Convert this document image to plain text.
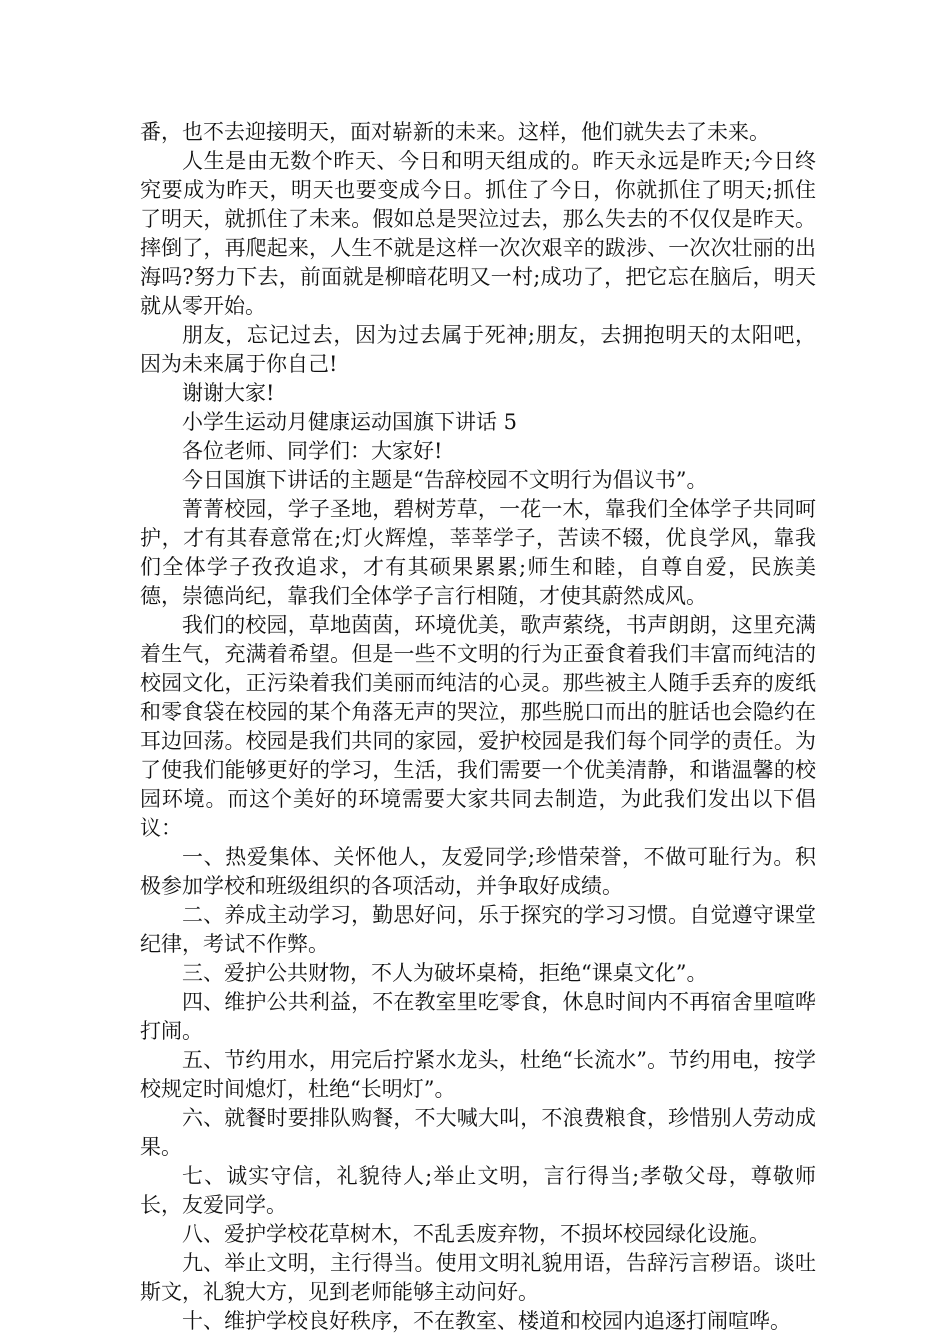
番，也不去迎接明天，面对崭新的未来。这样，他们就失去了未来。

人生是由无数个昨天、今日和明天组成的。昨天永远是昨天;今日终究要成为昨天，明天也要变成今日。抓住了今日，你就抓住了明天;抓住了明天，就抓住了未来。假如总是哭泣过去，那么失去的不仅仅是昨天。摔倒了，再爬起来，人生不就是这样一次次艰辛的跋涉、一次次壮丽的出海吗?努力下去，前面就是柳暗花明又一村;成功了，把它忘在脑后，明天就从零开始。

朋友，忘记过去，因为过去属于死神;朋友，去拥抱明天的太阳吧，因为未来属于你自己!

谢谢大家!

小学生运动月健康运动国旗下讲话 5

各位老师、同学们：大家好!

今日国旗下讲话的主题是“告辞校园不文明行为倡议书”。

菁菁校园，学子圣地，碧树芳草，一花一木，靠我们全体学子共同呵护，才有其春意常在;灯火辉煌，莘莘学子，苦读不辍，优良学风，靠我们全体学子孜孜追求，才有其硕果累累;师生和睦，自尊自爱，民族美德，崇德尚纪，靠我们全体学子言行相随，才使其蔚然成风。

我们的校园，草地茵茵，环境优美，歌声萦绕，书声朗朗，这里充满着生气，充满着希望。但是一些不文明的行为正蚕食着我们丰富而纯洁的校园文化，正污染着我们美丽而纯洁的心灵。那些被主人随手丢弃的废纸和零食袋在校园的某个角落无声的哭泣，那些脱口而出的脏话也会隐约在耳边回荡。校园是我们共同的家园，爱护校园是我们每个同学的责任。为了使我们能够更好的学习，生活，我们需要一个优美清静，和谐温馨的校园环境。而这个美好的环境需要大家共同去制造，为此我们发出以下倡议：

一、热爱集体、关怀他人，友爱同学;珍惜荣誉，不做可耻行为。积极参加学校和班级组织的各项活动，并争取好成绩。

二、养成主动学习，勤思好问，乐于探究的学习习惯。自觉遵守课堂纪律，考试不作弊。

三、爱护公共财物，不人为破坏桌椅，拒绝“课桌文化”。

四、维护公共利益，不在教室里吃零食，休息时间内不再宿舍里喧哗打闹。

五、节约用水，用完后拧紧水龙头，杜绝“长流水”。节约用电，按学校规定时间熄灯，杜绝“长明灯”。

六、就餐时要排队购餐，不大喊大叫，不浪费粮食，珍惜别人劳动成果。

七、诚实守信，礼貌待人;举止文明，言行得当;孝敬父母，尊敬师长，友爱同学。

八、爱护学校花草树木，不乱丢废弃物，不损坏校园绿化设施。

九、举止文明，主行得当。使用文明礼貌用语，告辞污言秽语。谈吐斯文，礼貌大方，见到老师能够主动问好。

十、维护学校良好秩序，不在教室、楼道和校园内追逐打闹喧哗。
